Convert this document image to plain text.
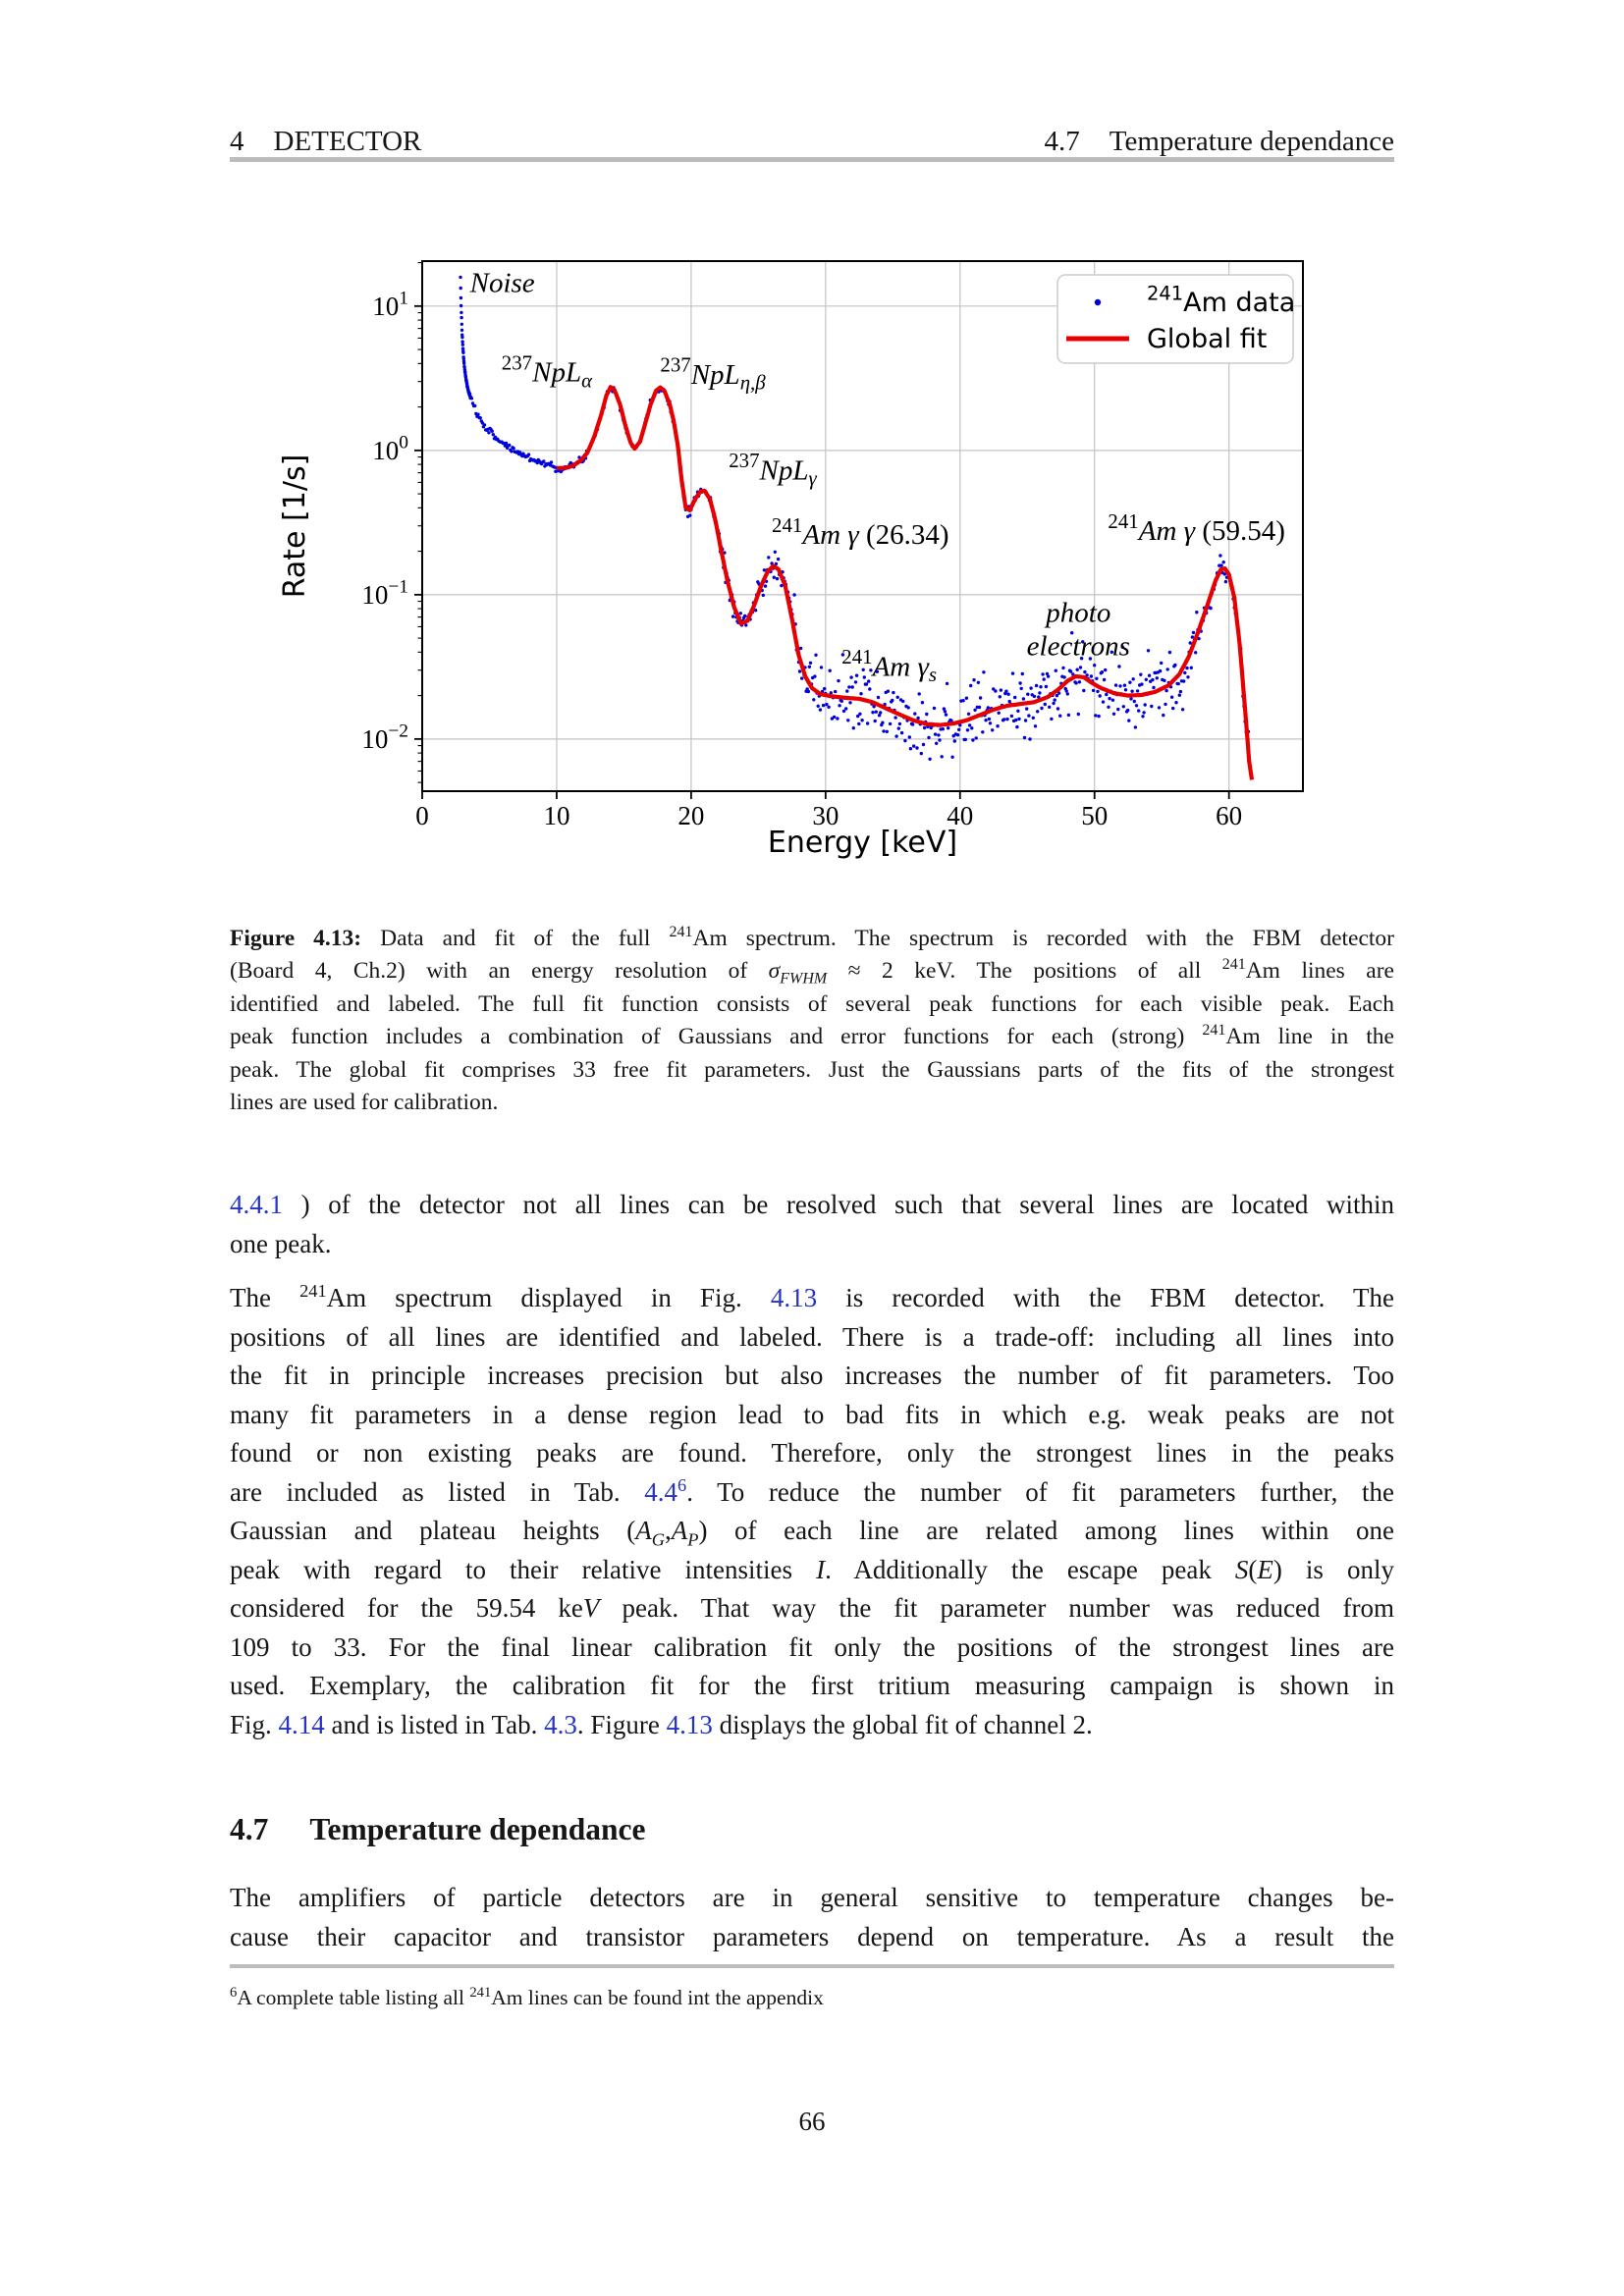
4 DETECTOR	4.7 Temperature dependance
0	10	20	30	40	50	60
$10^1$
$10^0$
$10^{-1}$
$10^{-2}$
Energy [keV]
Rate [1/s]
Noise
$^{237}$NpLα
$^{237}$NpLη,β
$^{237}$NpLγ
$^{241}$Am γ (26.34)	$^{241}$Am γ (59.54)
photo
electrons
$^{241}$Am γs
$^{241}$Am data
Global fit
Figure 4.13: Data and fit of the full $^{241}$Am spectrum. The spectrum is recorded with the FBM detector
(Board 4, Ch.2) with an energy resolution of $\sigma_{FWHM} \approx 2$ keV. The positions of all $^{241}$Am lines are
identified and labeled. The full fit function consists of several peak functions for each visible peak. Each
peak function includes a combination of Gaussians and error functions for each (strong) $^{241}$Am line in the
peak. The global fit comprises 33 free fit parameters. Just the Gaussians parts of the fits of the strongest
lines are used for calibration.
4.4.1 ) of the detector not all lines can be resolved such that several lines are located within
one peak.
The $^{241}$Am spectrum displayed in Fig. 4.13 is recorded with the FBM detector. The
positions of all lines are identified and labeled. There is a trade-off: including all lines into
the fit in principle increases precision but also increases the number of fit parameters. Too
many fit parameters in a dense region lead to bad fits in which e.g. weak peaks are not
found or non existing peaks are found. Therefore, only the strongest lines in the peaks
are included as listed in Tab. $4.4^6$. To reduce the number of fit parameters further, the
Gaussian and plateau heights $(A_G,A_P)$ of each line are related among lines within one
peak with regard to their relative intensities I. Additionally the escape peak S(E) is only
considered for the 59.54 keV peak. That way the fit parameter number was reduced from
109 to 33. For the final linear calibration fit only the positions of the strongest lines are
used. Exemplary, the calibration fit for the first tritium measuring campaign is shown in
Fig. 4.14 and is listed in Tab. 4.3. Figure 4.13 displays the global fit of channel 2.
4.7 Temperature dependance
The amplifiers of particle detectors are in general sensitive to temperature changes be-
cause their capacitor and transistor parameters depend on temperature. As a result the
$^6$A complete table listing all $^{241}$Am lines can be found int the appendix
66
